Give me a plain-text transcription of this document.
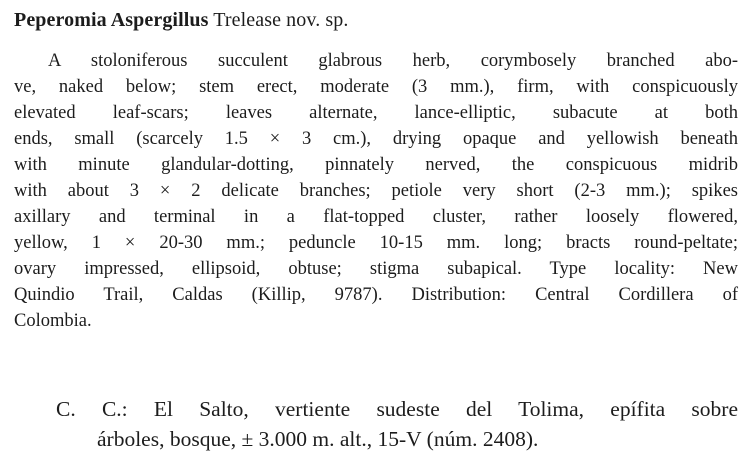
Peperomia Aspergillus Trelease nov. sp.
A stoloniferous succulent glabrous herb, corymbosely branched abo-
ve, naked below; stem erect, moderate (3 mm.), firm, with conspicuously
elevated leaf-scars; leaves alternate, lance-elliptic, subacute at both
ends, small (scarcely 1.5 × 3 cm.), drying opaque and yellowish beneath
with minute glandular-dotting, pinnately nerved, the conspicuous midrib
with about 3 × 2 delicate branches; petiole very short (2-3 mm.); spikes
axillary and terminal in a flat-topped cluster, rather loosely flowered,
yellow, 1 × 20-30 mm.; peduncle 10-15 mm. long; bracts round-peltate;
ovary impressed, ellipsoid, obtuse; stigma subapical. Type locality: New
Quindio Trail, Caldas (Killip, 9787). Distribution: Central Cordillera of
Colombia.
C. C.: El Salto, vertiente sudeste del Tolima, epífita sobre
árboles, bosque, ± 3.000 m. alt., 15-V (núm. 2408).
